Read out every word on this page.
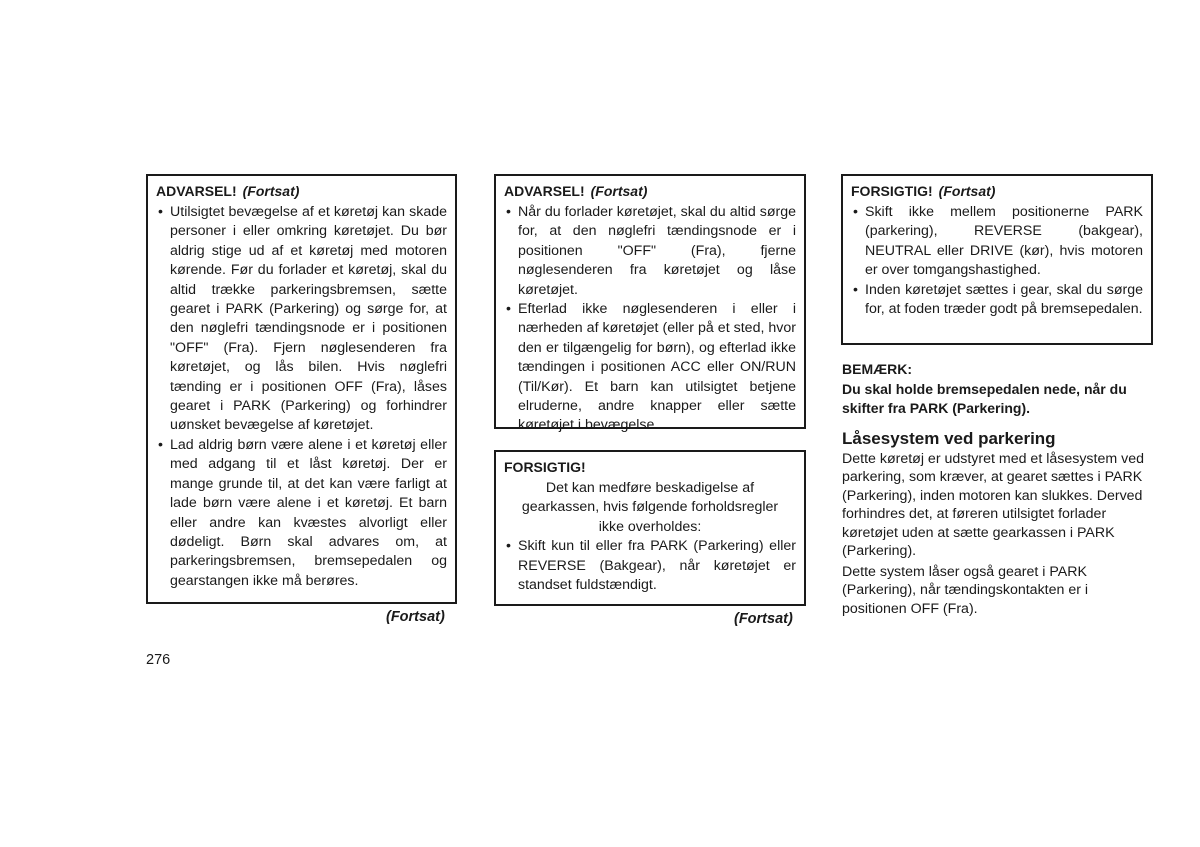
ADVARSEL! (Fortsat)
• Utilsigtet bevægelse af et køretøj kan skade personer i eller omkring køretøjet. Du bør aldrig stige ud af et køretøj med motoren kørende. Før du forlader et køretøj, skal du altid trække parkeringsbremsen, sætte gearet i PARK (Parkering) og sørge for, at den nøglefri tændingsnode er i positionen "OFF" (Fra). Fjern nøglesenderen fra køretøjet, og lås bilen. Hvis nøglefri tænding er i positionen OFF (Fra), låses gearet i PARK (Parkering) og forhindrer uønsket bevægelse af køretøjet.
• Lad aldrig børn være alene i et køretøj eller med adgang til et låst køretøj. Der er mange grunde til, at det kan være farligt at lade børn være alene i et køretøj. Et barn eller andre kan kvæstes alvorligt eller dødeligt. Børn skal advares om, at parkeringsbremsen, bremsepedalen og gearstangen ikke må berøres.
(Fortsat)
ADVARSEL! (Fortsat)
• Når du forlader køretøjet, skal du altid sørge for, at den nøglefri tændingsnode er i positionen "OFF" (Fra), fjerne nøglesenderen fra køretøjet og låse køretøjet.
• Efterlad ikke nøglesenderen i eller i nærheden af køretøjet (eller på et sted, hvor den er tilgængelig for børn), og efterlad ikke tændingen i positionen ACC eller ON/RUN (Til/Kør). Et barn kan utilsigtet betjene elruderne, andre knapper eller sætte køretøjet i bevægelse.
FORSIGTIG!
Det kan medføre beskadigelse af gearkassen, hvis følgende forholdsregler ikke overholdes:
• Skift kun til eller fra PARK (Parkering) eller REVERSE (Bakgear), når køretøjet er standset fuldstændigt.
(Fortsat)
FORSIGTIG! (Fortsat)
• Skift ikke mellem positionerne PARK (parkering), REVERSE (bakgear), NEUTRAL eller DRIVE (kør), hvis motoren er over tomgangshastighed.
• Inden køretøjet sættes i gear, skal du sørge for, at foden træder godt på bremsepedalen.
BEMÆRK:
Du skal holde bremsepedalen nede, når du skifter fra PARK (Parkering).
Låsesystem ved parkering
Dette køretøj er udstyret med et låsesystem ved parkering, som kræver, at gearet sættes i PARK (Parkering), inden motoren kan slukkes. Derved forhindres det, at føreren utilsigtet forlader køretøjet uden at sætte gearkassen i PARK (Parkering).
Dette system låser også gearet i PARK (Parkering), når tændingskontakten er i positionen OFF (Fra).
276
